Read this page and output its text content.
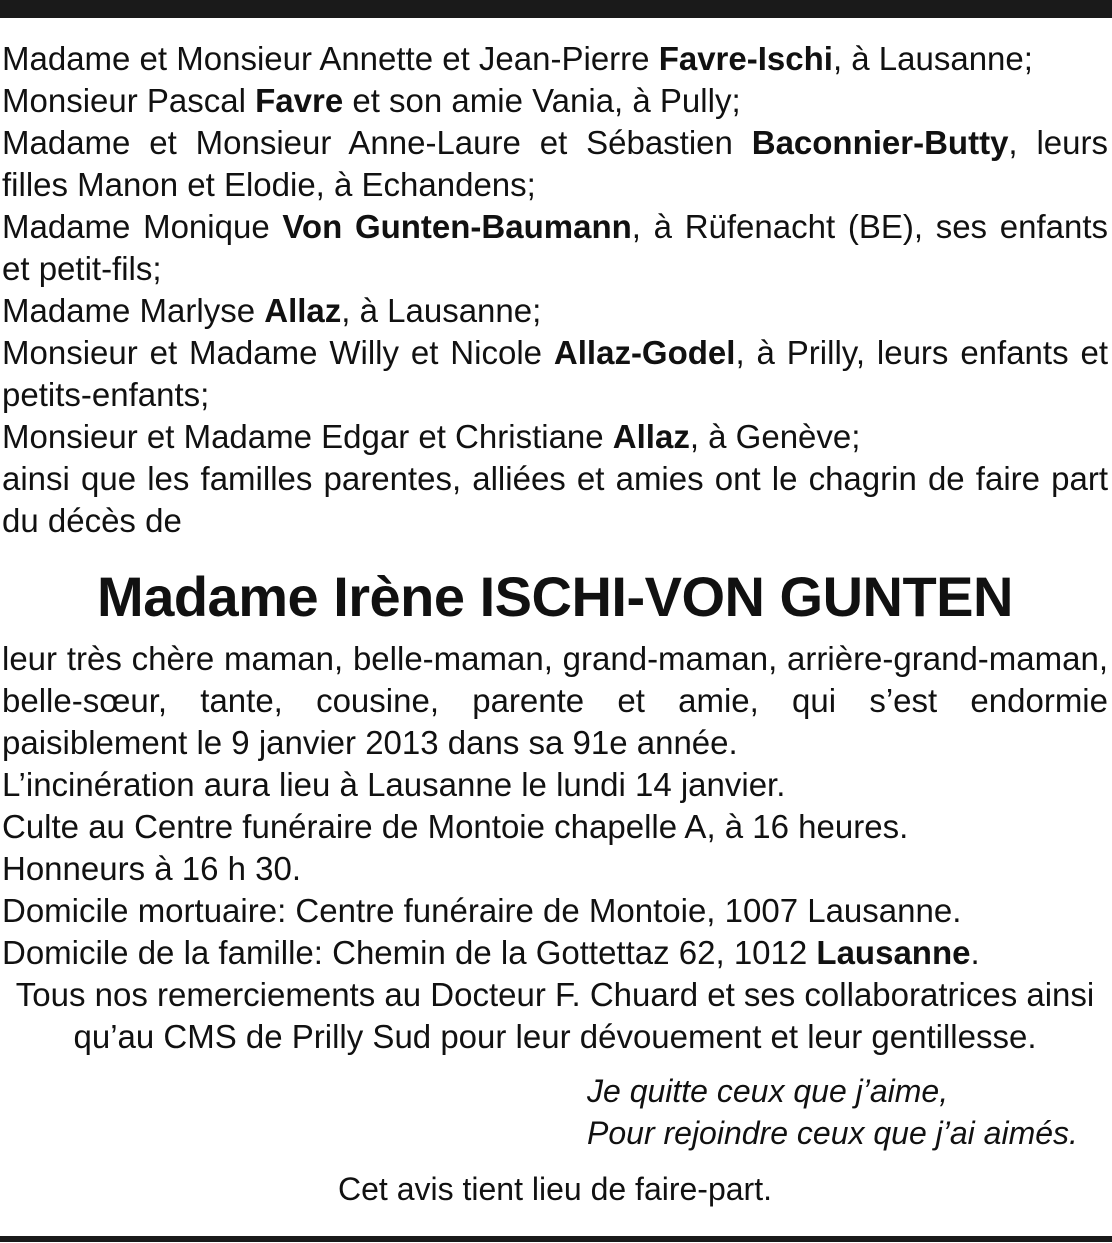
Madame et Monsieur Annette et Jean-Pierre Favre-Ischi, à Lausanne;

Monsieur Pascal Favre et son amie Vania, à Pully;

Madame et Monsieur Anne-Laure et Sébastien Baconnier-Butty, leurs filles Manon et Elodie, à Echandens;

Madame Monique Von Gunten-Baumann, à Rüfenacht (BE), ses enfants et petit-fils;

Madame Marlyse Allaz, à Lausanne;

Monsieur et Madame Willy et Nicole Allaz-Godel, à Prilly, leurs enfants et petits-enfants;

Monsieur et Madame Edgar et Christiane Allaz, à Genève;

ainsi que les familles parentes, alliées et amies ont le chagrin de faire part du décès de

Madame Irène ISCHI-VON GUNTEN

leur très chère maman, belle-maman, grand-maman, arrière-grand-maman, belle-sœur, tante, cousine, parente et amie, qui s’est endormie paisiblement le 9 janvier 2013 dans sa 91e année.

L’incinération aura lieu à Lausanne le lundi 14 janvier.

Culte au Centre funéraire de Montoie chapelle A, à 16 heures.

Honneurs à 16 h 30.

Domicile mortuaire: Centre funéraire de Montoie, 1007 Lausanne.

Domicile de la famille: Chemin de la Gottettaz 62, 1012 Lausanne.

Tous nos remerciements au Docteur F. Chuard et ses collaboratrices ainsi qu’au CMS de Prilly Sud pour leur dévouement et leur gentillesse.

Je quitte ceux que j’aime,
Pour rejoindre ceux que j’ai aimés.
Cet avis tient lieu de faire-part.
